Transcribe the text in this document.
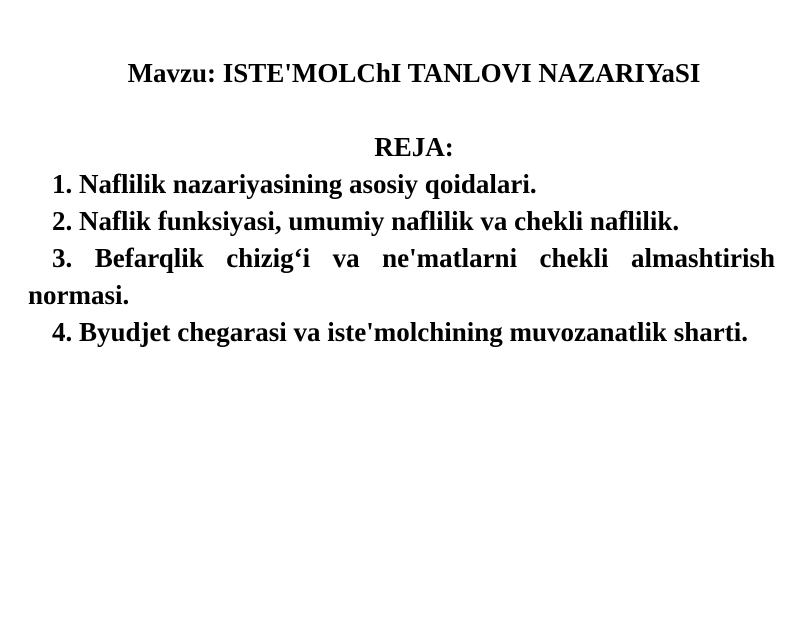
Mavzu: ISTE'MOLChI TANLOVI NAZARIYaSI
REJA:
1. Naflilik nazariyasining asosiy qoidalari.
2. Naflik funksiyasi, umumiy naflilik va chekli naflilik.
3. Befarqlik chizig‘i va ne'matlarni chekli almashtirish normasi.
4. Byudjet chegarasi va iste'molchining muvozanatlik sharti.
